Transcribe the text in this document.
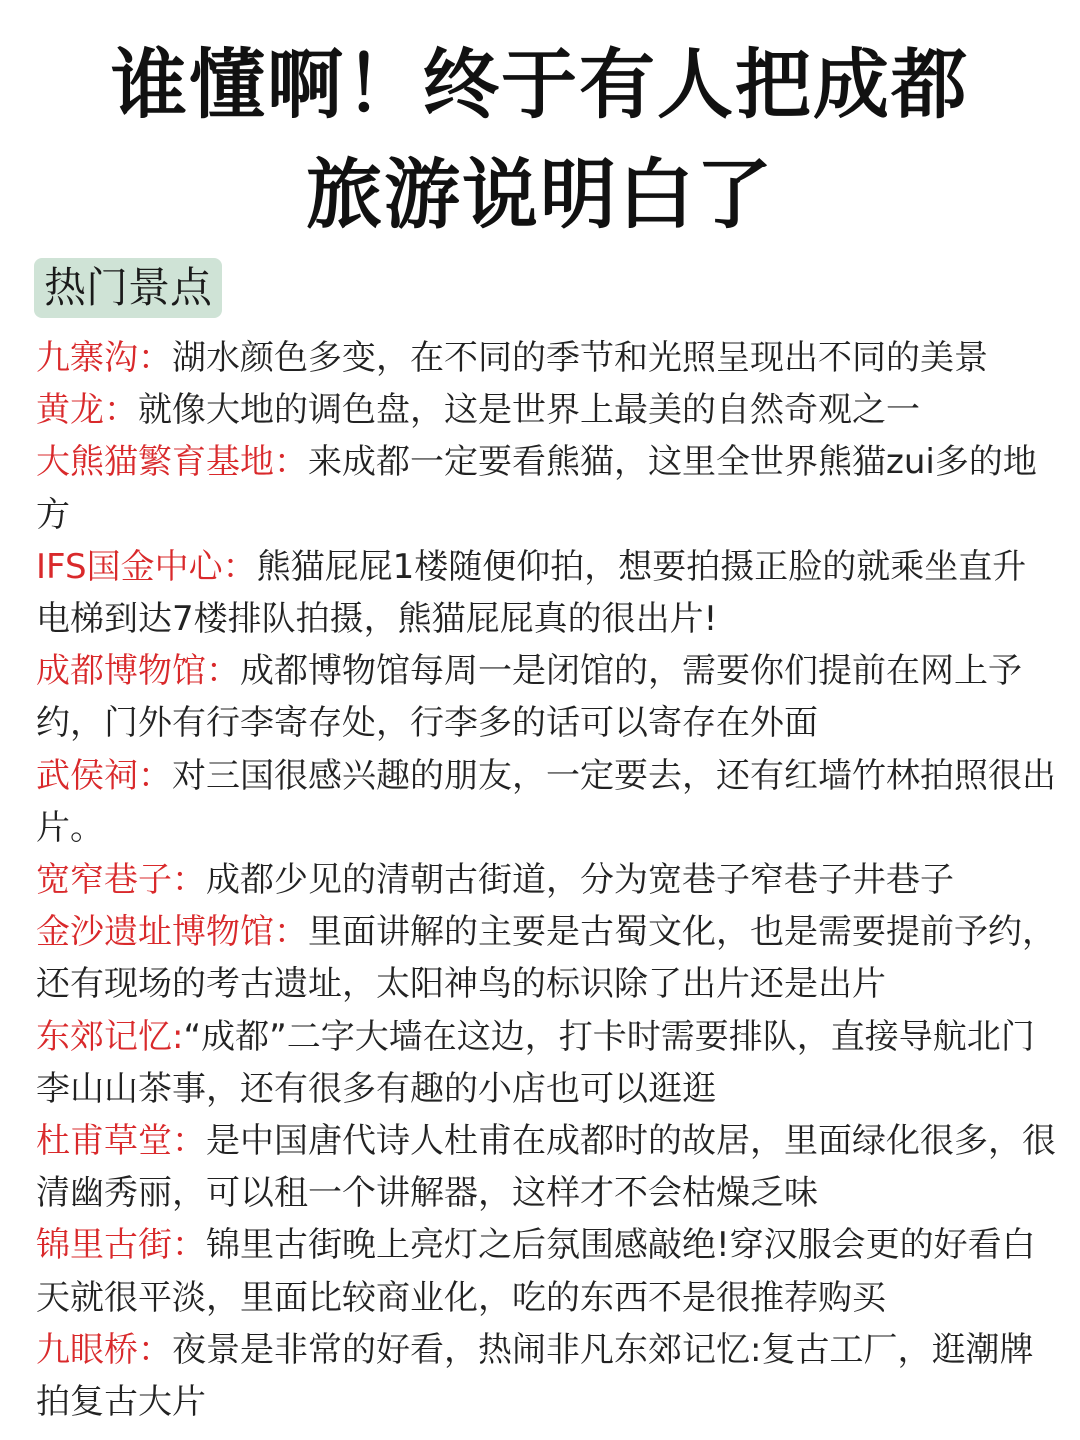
谁懂啊！终于有人把成都
旅游说明白了
热门景点
九寨沟：湖水颜色多变，在不同的季节和光照呈现出不同的美景
黄龙：就像大地的调色盘，这是世界上最美的自然奇观之一
大熊猫繁育基地：来成都一定要看熊猫，这里全世界熊猫zui多的地方
IFS国金中心：熊猫屁屁1楼随便仰拍，想要拍摄正脸的就乘坐直升电梯到达7楼排队拍摄，熊猫屁屁真的很出片!
成都博物馆：成都博物馆每周一是闭馆的，需要你们提前在网上予约，门外有行李寄存处，行李多的话可以寄存在外面
武侯祠：对三国很感兴趣的朋友，一定要去，还有红墙竹林拍照很出片。
宽窄巷子：成都少见的清朝古街道，分为宽巷子窄巷子井巷子
金沙遗址博物馆：里面讲解的主要是古蜀文化，也是需要提前予约，还有现场的考古遗址，太阳神鸟的标识除了出片还是出片
东郊记忆:“成都”二字大墙在这边，打卡时需要排队，直接导航北门李山山茶事，还有很多有趣的小店也可以逛逛
杜甫草堂：是中国唐代诗人杜甫在成都时的故居，里面绿化很多，很清幽秀丽，可以租一个讲解器，这样才不会枯燥乏味
锦里古街：锦里古街晚上亮灯之后氛围感敲绝!穿汉服会更的好看白天就很平淡，里面比较商业化，吃的东西不是很推荐购买
九眼桥：夜景是非常的好看，热闹非凡东郊记忆:复古工厂，逛潮牌拍复古大片
